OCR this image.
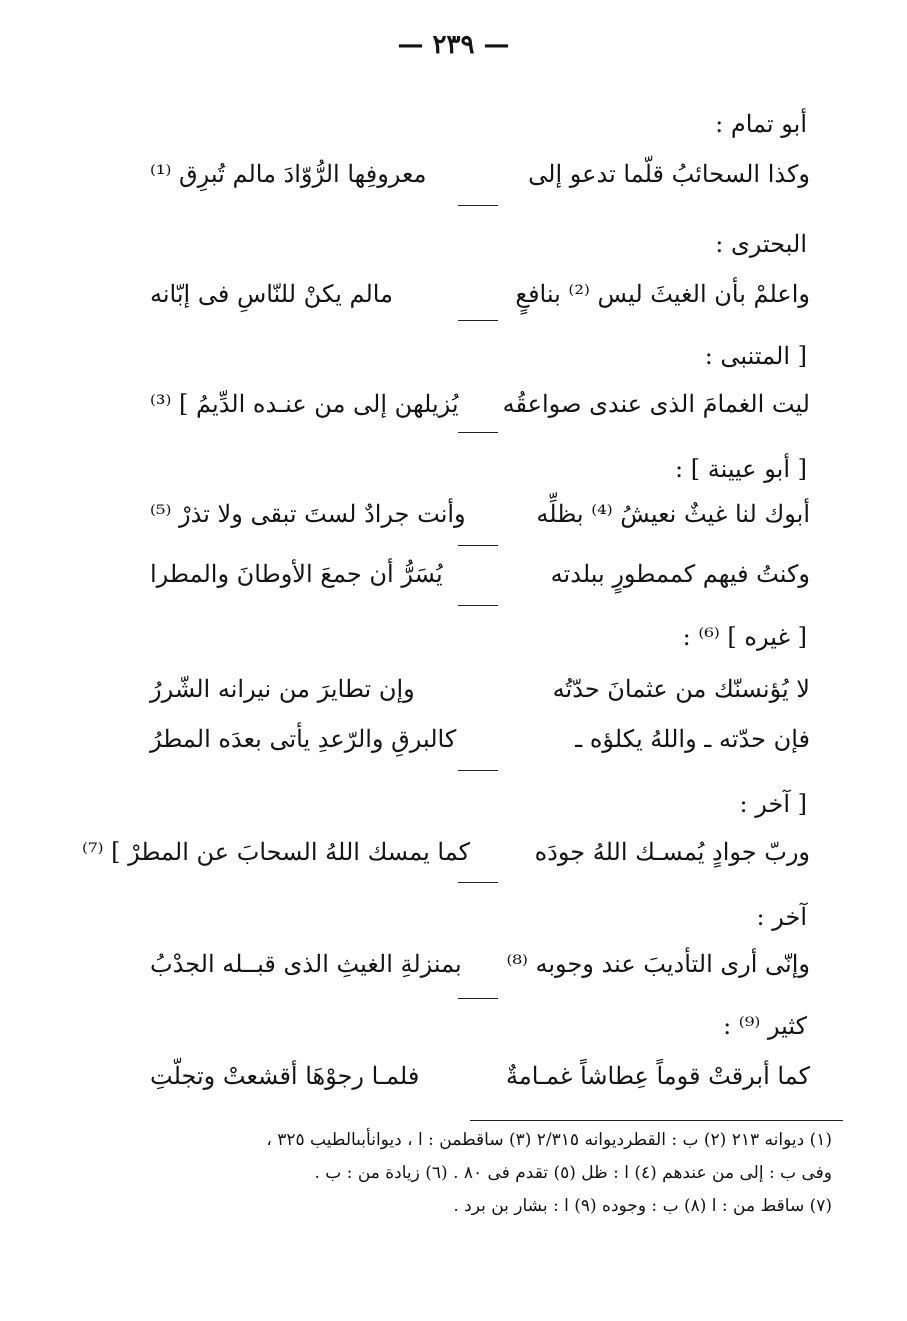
— ٢٣٩ —
أبو تمام :
وكذا السحائبُ قلّما تدعو إلى
معروفِها الرُّوّادَ مالم تُبرِق ⁽¹⁾
البحترى :
واعلمْ بأن الغيثَ ليس ⁽²⁾ بنافعٍ
مالم يكنْ للنّاسِ فى إبّانه
[ المتنبى :
ليت الغمامَ الذى عندى صواعقُه
يُزيلهن إلى من عنـده الدِّيمُ ] ⁽³⁾
[ أبو عيينة ] :
أبوك لنا غيثٌ نعيشُ ⁽⁴⁾ بظلِّه
وأنت جرادٌ لستَ تبقى ولا تذرْ ⁽⁵⁾
وكنتُ فيهم كممطورٍ ببلدته
يُسَرُّ أن جمعَ الأوطانَ والمطرا
[ غيره ] ⁽⁶⁾ :
لا يُؤنسنّك من عثمانَ حدّتُه
وإن تطايرَ من نيرانه الشّررُ
فإن حدّته ـ واللهُ يكلؤه ـ
كالبرقِ والرّعدِ يأتى بعدَه المطرُ
[ آخر :
وربّ جوادٍ يُمسـك اللهُ جودَه
كما يمسك اللهُ السحابَ عن المطرْ ] ⁽⁷⁾
آخر :
وإنّى أرى التأديبَ عند وجوبه ⁽⁸⁾
بمنزلةِ الغيثِ الذى قبــله الجدْبُ
كثير ⁽⁹⁾ :
كما أبرقتْ قوماً عِطاشاً غمـامةٌ
فلمـا رجوْهَا أقشعتْ وتجلّتِ
(١) ديوانه ٢١٣ (٢) ب : القطرديوانه ٢/٣١٥ (٣) ساقطمن : ا ، ديوانأبىالطيب ٣٢٥ ،
وفى ب : إلى من عندهم (٤) ا : ظل (٥) تقدم فى ٨٠ . (٦) زيادة من : ب .
(٧) ساقط من : ا (٨) ب : وجوده (٩) ا : بشار بن برد .
